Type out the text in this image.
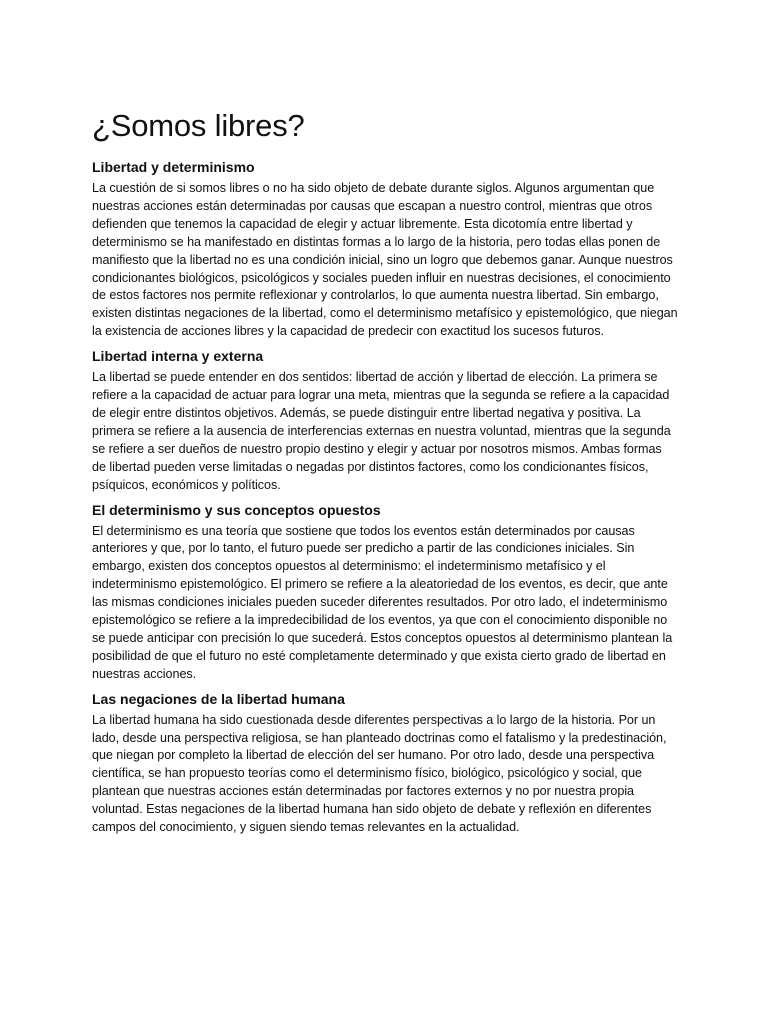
¿Somos libres?
Libertad y determinismo

La cuestión de si somos libres o no ha sido objeto de debate durante siglos. Algunos argumentan que nuestras acciones están determinadas por causas que escapan a nuestro control, mientras que otros defienden que tenemos la capacidad de elegir y actuar libremente. Esta dicotomía entre libertad y determinismo se ha manifestado en distintas formas a lo largo de la historia, pero todas ellas ponen de manifiesto que la libertad no es una condición inicial, sino un logro que debemos ganar. Aunque nuestros condicionantes biológicos, psicológicos y sociales pueden influir en nuestras decisiones, el conocimiento de estos factores nos permite reflexionar y controlarlos, lo que aumenta nuestra libertad. Sin embargo, existen distintas negaciones de la libertad, como el determinismo metafísico y epistemológico, que niegan la existencia de acciones libres y la capacidad de predecir con exactitud los sucesos futuros.

Libertad interna y externa

La libertad se puede entender en dos sentidos: libertad de acción y libertad de elección. La primera se refiere a la capacidad de actuar para lograr una meta, mientras que la segunda se refiere a la capacidad de elegir entre distintos objetivos. Además, se puede distinguir entre libertad negativa y positiva. La primera se refiere a la ausencia de interferencias externas en nuestra voluntad, mientras que la segunda se refiere a ser dueños de nuestro propio destino y elegir y actuar por nosotros mismos. Ambas formas de libertad pueden verse limitadas o negadas por distintos factores, como los condicionantes físicos, psíquicos, económicos y políticos.

El determinismo y sus conceptos opuestos

El determinismo es una teoría que sostiene que todos los eventos están determinados por causas anteriores y que, por lo tanto, el futuro puede ser predicho a partir de las condiciones iniciales. Sin embargo, existen dos conceptos opuestos al determinismo: el indeterminismo metafísico y el indeterminismo epistemológico. El primero se refiere a la aleatoriedad de los eventos, es decir, que ante las mismas condiciones iniciales pueden suceder diferentes resultados. Por otro lado, el indeterminismo epistemológico se refiere a la impredecibilidad de los eventos, ya que con el conocimiento disponible no se puede anticipar con precisión lo que sucederá. Estos conceptos opuestos al determinismo plantean la posibilidad de que el futuro no esté completamente determinado y que exista cierto grado de libertad en nuestras acciones.

Las negaciones de la libertad humana

La libertad humana ha sido cuestionada desde diferentes perspectivas a lo largo de la historia. Por un lado, desde una perspectiva religiosa, se han planteado doctrinas como el fatalismo y la predestinación, que niegan por completo la libertad de elección del ser humano. Por otro lado, desde una perspectiva científica, se han propuesto teorías como el determinismo físico, biológico, psicológico y social, que plantean que nuestras acciones están determinadas por factores externos y no por nuestra propia voluntad. Estas negaciones de la libertad humana han sido objeto de debate y reflexión en diferentes campos del conocimiento, y siguen siendo temas relevantes en la actualidad.
